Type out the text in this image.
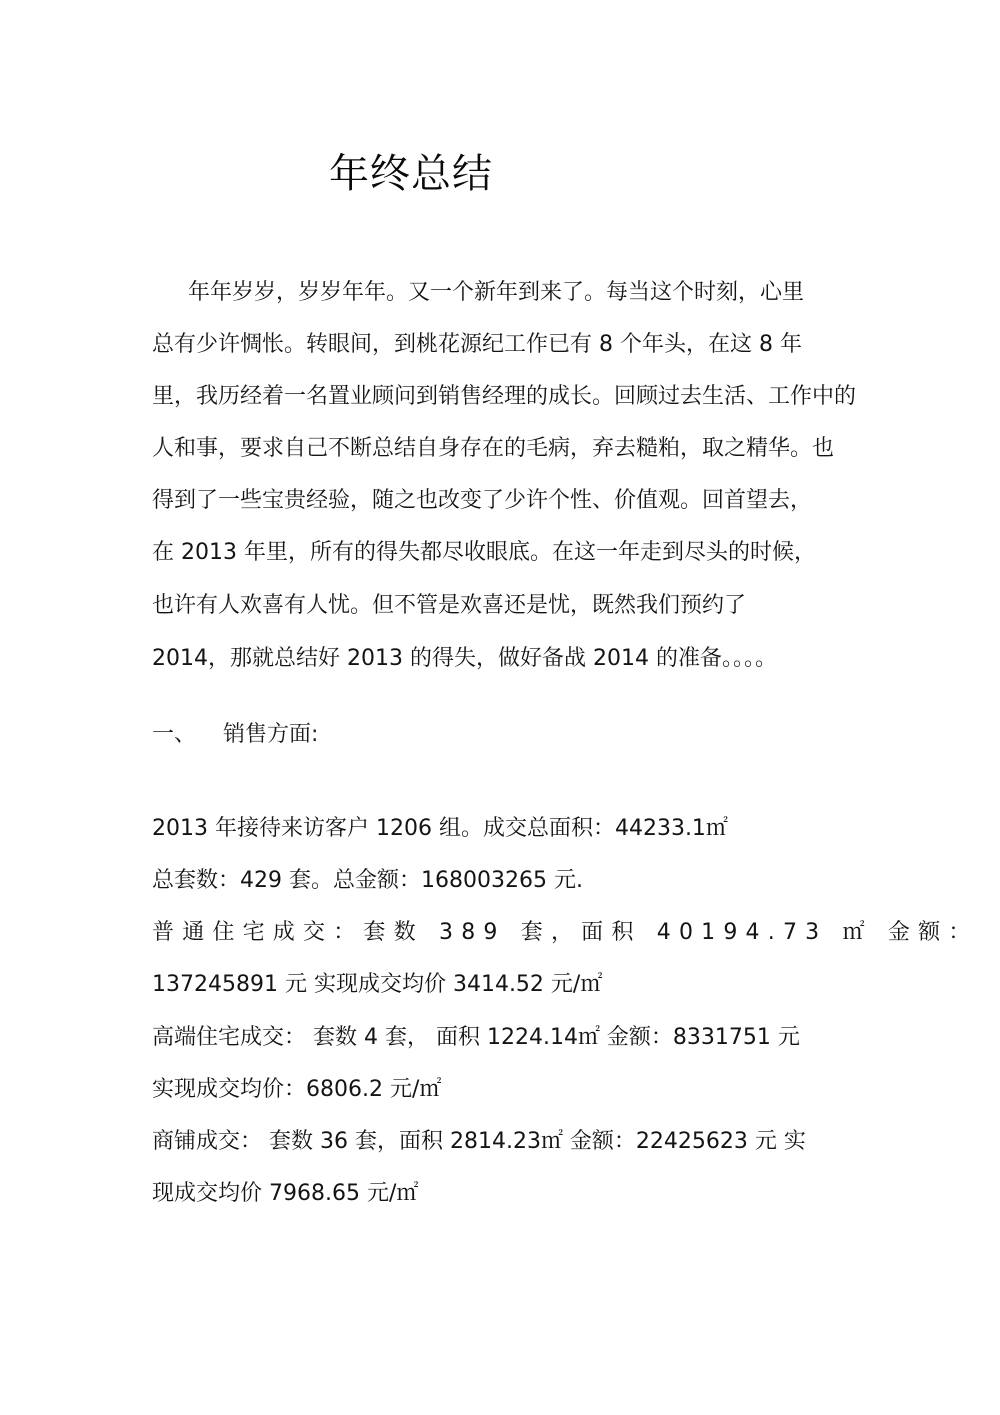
年终总结
年年岁岁，岁岁年年。又一个新年到来了。每当这个时刻，心里
总有少许惆怅。转眼间，到桃花源纪工作已有 8 个年头，在这 8 年
里，我历经着一名置业顾问到销售经理的成长。回顾过去生活、工作中的
人和事，要求自己不断总结自身存在的毛病，弃去糙粕，取之精华。也
得到了一些宝贵经验，随之也改变了少许个性、价值观。回首望去，
在 2013 年里，所有的得失都尽收眼底。在这一年走到尽头的时候，
也许有人欢喜有人忧。但不管是欢喜还是忧，既然我们预约了
2014，那就总结好 2013 的得失，做好备战 2014 的准备。。。。
一、 销售方面:
2013 年接待来访客户 1206 组。成交总面积：44233.1㎡
总套数：429 套。总金额：168003265 元.
普通住宅成交：套数 389 套，面积 40194.73 ㎡ 金额：
137245891 元 实现成交均价 3414.52 元/㎡
高端住宅成交： 套数 4 套， 面积 1224.14㎡ 金额：8331751 元
实现成交均价：6806.2 元/㎡
商铺成交： 套数 36 套，面积 2814.23㎡ 金额：22425623 元 实
现成交均价 7968.65 元/㎡
